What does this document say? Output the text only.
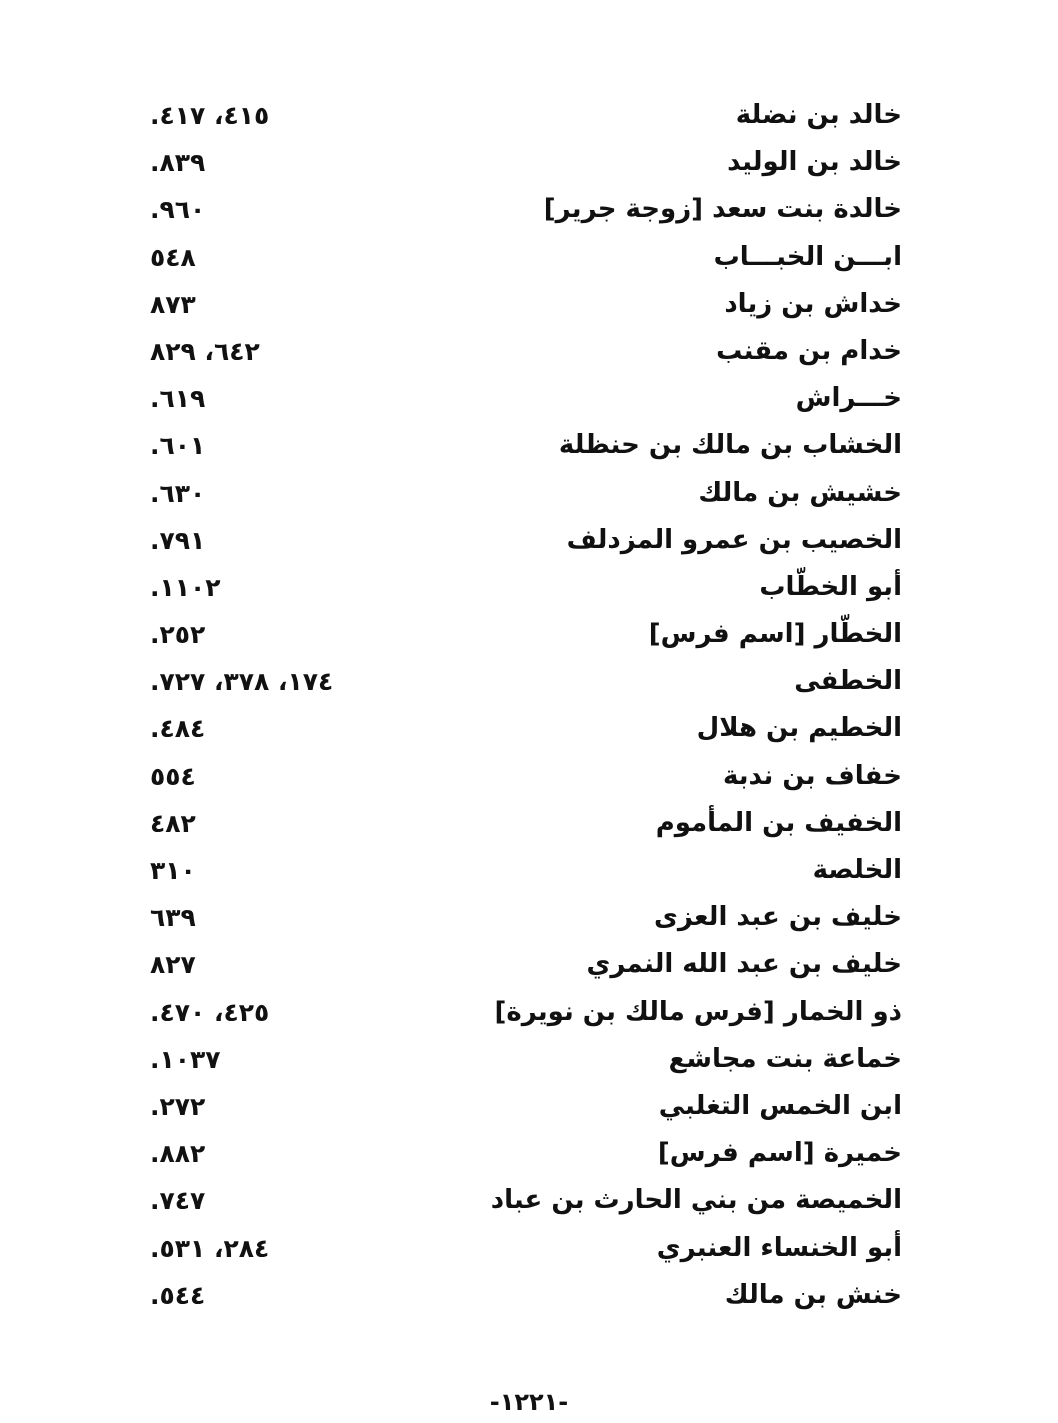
خالد بن نضلة
٤١٥، ٤١٧.
خالد بن الوليد
٨٣٩.
خالدة بنت سعد [زوجة جرير]
٩٦٠.
ابـــن الخبـــاب
٥٤٨
خداش بن زياد
٨٧٣
خدام بن مقنب
٦٤٢، ٨٢٩
خـــراش
٦١٩.
الخشاب بن مالك بن حنظلة
٦٠١.
خشيش بن مالك
٦٣٠.
الخصيب بن عمرو المزدلف
٧٩١.
أبو الخطّاب
١١٠٢.
الخطّار [اسم فرس]
٢٥٢.
الخطفى
١٧٤، ٣٧٨، ٧٢٧.
الخطيم بن هلال
٤٨٤.
خفاف بن ندبة
٥٥٤
الخفيف بن المأموم
٤٨٢
الخلصة
٣١٠
خليف بن عبد العزى
٦٣٩
خليف بن عبد الله النمري
٨٢٧
ذو الخمار [فرس مالك بن نويرة]
٤٢٥، ٤٧٠.
خماعة بنت مجاشع
١٠٣٧.
ابن الخمس التغلبي
٢٧٢.
خميرة [اسم فرس]
٨٨٢.
الخميصة من بني الحارث بن عباد
٧٤٧.
أبو الخنساء العنبري
٢٨٤، ٥٣١.
خنش بن مالك
٥٤٤.
-١٢٢١-
